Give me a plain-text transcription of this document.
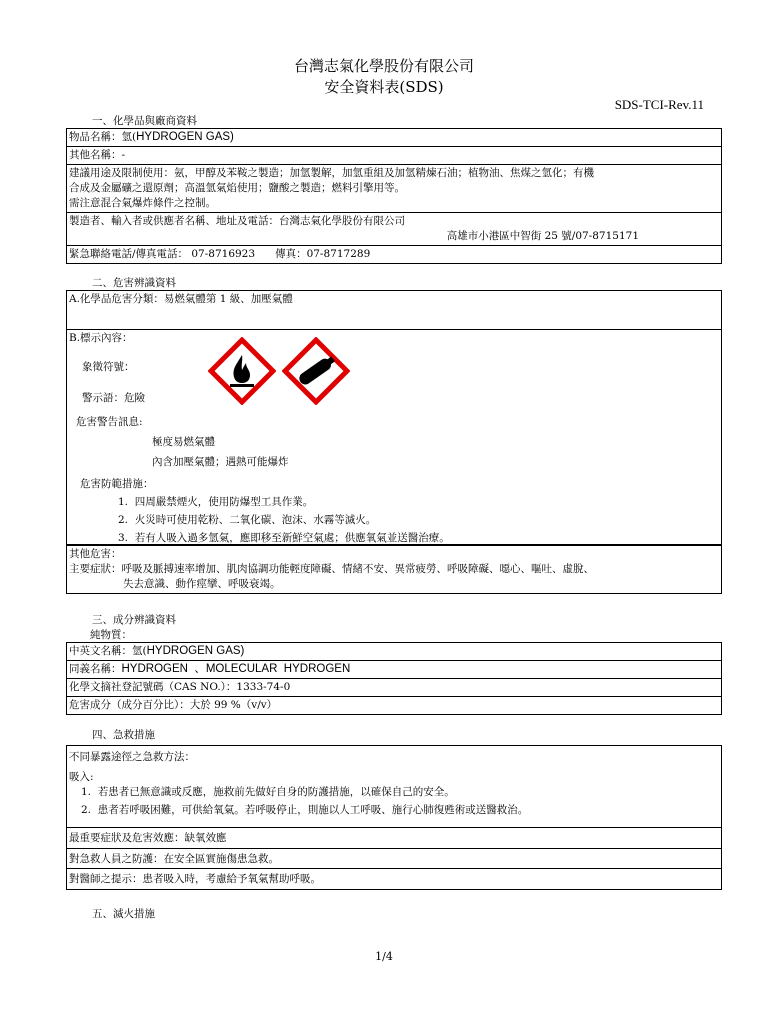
台灣志氣化學股份有限公司
安全資料表(SDS)
SDS-TCI-Rev.11
一、化學品與廠商資料
物品名稱：氫(HYDROGEN GAS)
其他名稱：-
建議用途及限制使用：氨，甲醇及苯鞍之製造；加氫製解，加氫重組及加氫精煉石油；植物油、焦煤之氫化；有機
合成及金屬礦之還原劑；高溫氫氣焰使用；鹽酸之製造；燃料引擎用等。
需注意混合氣爆炸條件之控制。
製造者、輸入者或供應者名稱、地址及電話：台灣志氣化學股份有限公司
高雄市小港區中智街 25 號/07-8715171
緊急聯絡電話/傳真電話： 07-8716923      傳真：07-8717289
二、危害辨識資料
A.化學品危害分類：易燃氣體第 1 級、加壓氣體
B.標示內容：
象徵符號：
警示語：危險
危害警告訊息:
極度易燃氣體
內含加壓氣體；遇熱可能爆炸
危害防範措施：
1.  四周嚴禁煙火，使用防爆型工具作業。
2.  火災時可使用乾粉、二氧化碳、泡沫、水霧等滅火。
3.  若有人吸入過多氫氣，應即移至新鮮空氣處；供應氧氣並送醫治療。
其他危害：
主要症狀：呼吸及脈搏速率增加、肌肉協調功能輕度障礙、情緒不安、異常疲勞、呼吸障礙、噁心、嘔吐、虛脫、
失去意識、動作痙攣、呼吸衰竭。
三、成分辨識資料
純物質：
中英文名稱：氫(HYDROGEN GAS)
同義名稱：HYDROGEN  、MOLECULAR  HYDROGEN
化學文摘社登記號碼（CAS NO.）：1333-74-0
危害成分（成分百分比）：大於 99 %（v/v）
四、急救措施
不同暴露途徑之急救方法：
吸入:
1.  若患者已無意識或反應，施救前先做好自身的防護措施，以確保自己的安全。
2.  患者若呼吸困難，可供給氧氣。若呼吸停止，則施以人工呼吸、施行心肺復甦術或送醫救治。
最重要症狀及危害效應：缺氧效應
對急救人員之防護：在安全區實施傷患急救。
對醫師之提示：患者吸入時，考慮給予氧氣幫助呼吸。
五、滅火措施
1/4
